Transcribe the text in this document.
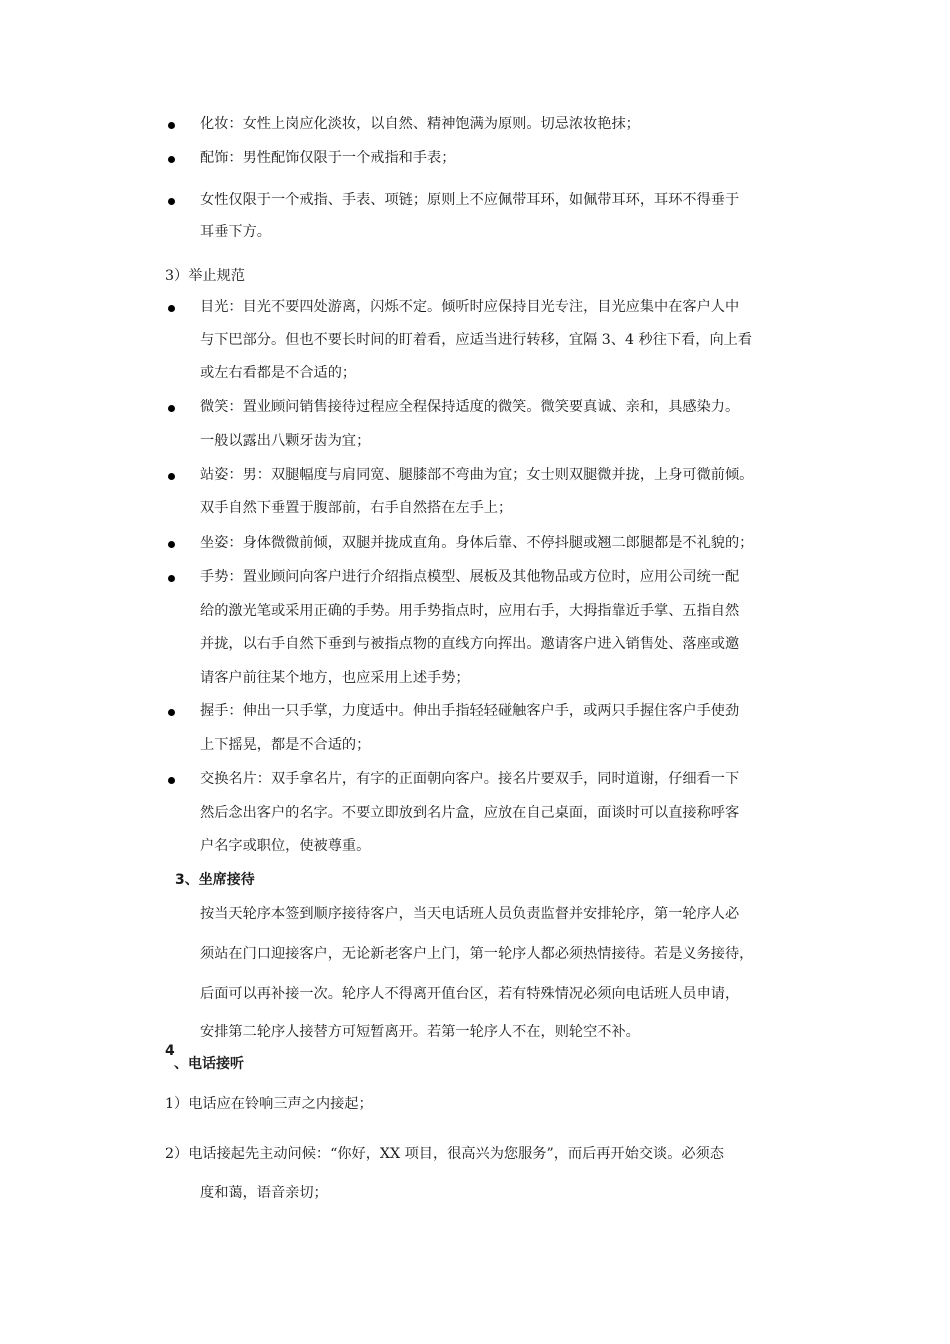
化妆：女性上岗应化淡妆，以自然、精神饱满为原则。切忌浓妆艳抹；
配饰：男性配饰仅限于一个戒指和手表；
女性仅限于一个戒指、手表、项链；原则上不应佩带耳环，如佩带耳环，耳环不得垂于
耳垂下方。
3）举止规范
目光：目光不要四处游离，闪烁不定。倾听时应保持目光专注，目光应集中在客户人中
与下巴部分。但也不要长时间的盯着看，应适当进行转移，宜隔 3、4 秒往下看，向上看
或左右看都是不合适的；
微笑：置业顾问销售接待过程应全程保持适度的微笑。微笑要真诚、亲和，具感染力。
一般以露出八颗牙齿为宜；
站姿：男：双腿幅度与肩同宽、腿膝部不弯曲为宜；女士则双腿微并拢，上身可微前倾。
双手自然下垂置于腹部前，右手自然搭在左手上；
坐姿：身体微微前倾，双腿并拢成直角。身体后靠、不停抖腿或翘二郎腿都是不礼貌的；
手势：置业顾问向客户进行介绍指点模型、展板及其他物品或方位时，应用公司统一配
给的激光笔或采用正确的手势。用手势指点时，应用右手，大拇指靠近手掌、五指自然
并拢，以右手自然下垂到与被指点物的直线方向挥出。邀请客户进入销售处、落座或邀
请客户前往某个地方，也应采用上述手势；
握手：伸出一只手掌，力度适中。伸出手指轻轻碰触客户手，或两只手握住客户手使劲
上下摇晃，都是不合适的；
交换名片：双手拿名片，有字的正面朝向客户。接名片要双手，同时道谢，仔细看一下
然后念出客户的名字。不要立即放到名片盒，应放在自己桌面，面谈时可以直接称呼客
户名字或职位，使被尊重。
3、坐席接待
按当天轮序本签到顺序接待客户，当天电话班人员负责监督并安排轮序，第一轮序人必
须站在门口迎接客户，无论新老客户上门，第一轮序人都必须热情接待。若是义务接待，
后面可以再补接一次。轮序人不得离开值台区，若有特殊情况必须向电话班人员申请，
安排第二轮序人接替方可短暂离开。若第一轮序人不在，则轮空不补。
4
、电话接听
1）电话应在铃响三声之内接起；
2）电话接起先主动问候：“你好，XX 项目，很高兴为您服务”，而后再开始交谈。必须态
度和蔼，语音亲切；
